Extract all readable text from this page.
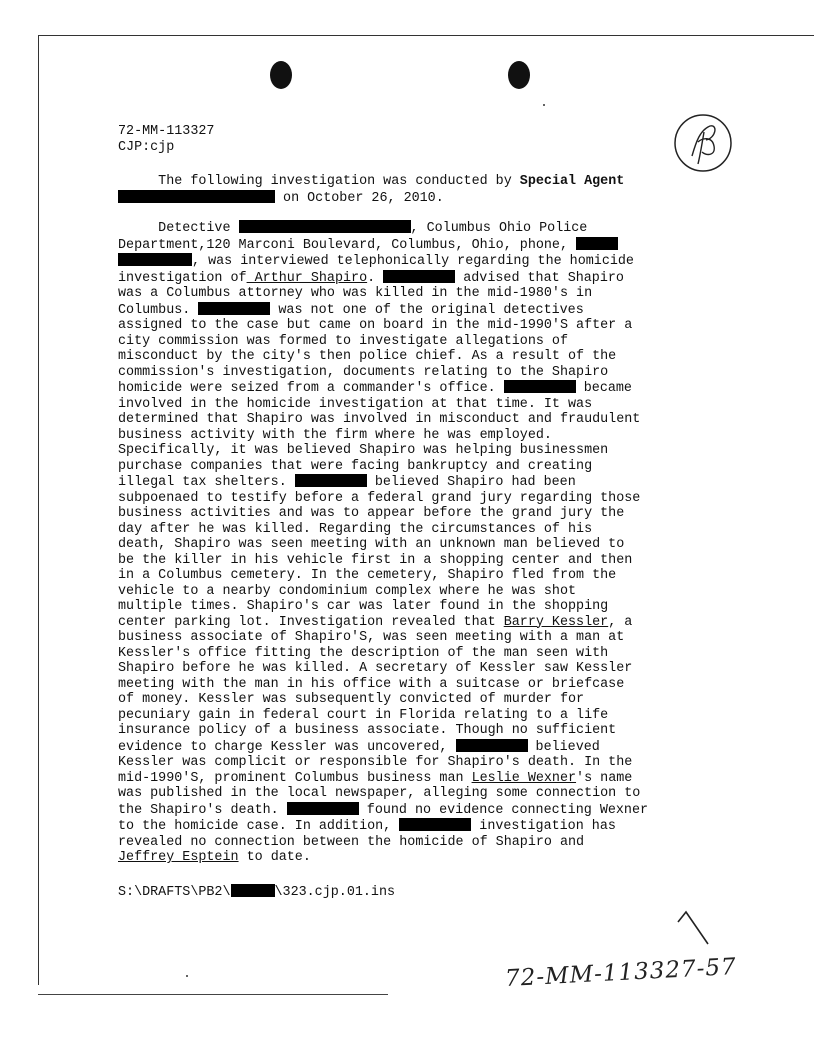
72-MM-113327
CJP:cjp
The following investigation was conducted by Special Agent
on October 26, 2010.
Detective	, Columbus Ohio Police
Department,120 Marconi Boulevard, Columbus, Ohio, phone,
, was interviewed telephonically regarding the homicide
investigation of Arthur Shapiro.	advised that Shapiro
was a Columbus attorney who was killed in the mid-1980's in
Columbus.	was not one of the original detectives
assigned to the case but came on board in the mid-1990'S after a
city commission was formed to investigate allegations of
misconduct by the city's then police chief. As a result of the
commission's investigation, documents relating to the Shapiro
homicide were seized from a commander's office.	became
involved in the homicide investigation at that time. It was
determined that Shapiro was involved in misconduct and fraudulent
business activity with the firm where he was employed.
Specifically, it was believed Shapiro was helping businessmen
purchase companies that were facing bankruptcy and creating
illegal tax shelters.	believed Shapiro had been
subpoenaed to testify before a federal grand jury regarding those
business activities and was to appear before the grand jury the
day after he was killed. Regarding the circumstances of his
death, Shapiro was seen meeting with an unknown man believed to
be the killer in his vehicle first in a shopping center and then
in a Columbus cemetery. In the cemetery, Shapiro fled from the
vehicle to a nearby condominium complex where he was shot
multiple times. Shapiro's car was later found in the shopping
center parking lot. Investigation revealed that Barry Kessler, a
business associate of Shapiro'S, was seen meeting with a man at
Kessler's office fitting the description of the man seen with
Shapiro before he was killed. A secretary of Kessler saw Kessler
meeting with the man in his office with a suitcase or briefcase
of money. Kessler was subsequently convicted of murder for
pecuniary gain in federal court in Florida relating to a life
insurance policy of a business associate. Though no sufficient
evidence to charge Kessler was uncovered,	believed
Kessler was complicit or responsible for Shapiro's death. In the
mid-1990'S, prominent Columbus business man Leslie Wexner's name
was published in the local newspaper, alleging some connection to
the Shapiro's death.	found no evidence connecting Wexner
to the homicide case. In addition,	investigation has
revealed no connection between the homicide of Shapiro and
Jeffrey Esptein to date.
S:\DRAFTS\PB2\	\323.cjp.01.ins
72-MM-113327-57
